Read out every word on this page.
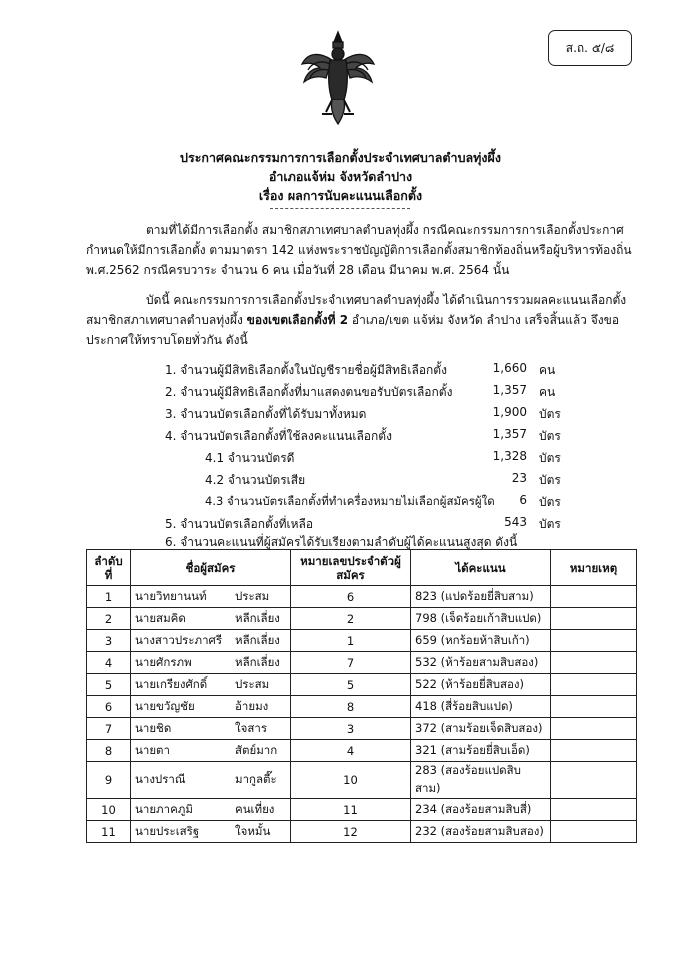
ส.ถ. ๕/๘
ประกาศคณะกรรมการการเลือกตั้งประจำเทศบาลตำบลทุ่งผึ้ง
อำเภอแจ้ห่ม จังหวัดลำปาง
เรื่อง ผลการนับคะแนนเลือกตั้ง
ตามที่ได้มีการเลือกตั้ง สมาชิกสภาเทศบาลตำบลทุ่งผึ้ง กรณีคณะกรรมการการเลือกตั้งประกาศ
กำหนดให้มีการเลือกตั้ง ตามมาตรา 142 แห่งพระราชบัญญัติการเลือกตั้งสมาชิกท้องถิ่นหรือผู้บริหารท้องถิ่น
พ.ศ.2562 กรณีครบวาระ จำนวน 6 คน เมื่อวันที่ 28 เดือน มีนาคม พ.ศ. 2564 นั้น
บัดนี้ คณะกรรมการการเลือกตั้งประจำเทศบาลตำบลทุ่งผึ้ง ได้ดำเนินการรวมผลคะแนนเลือกตั้ง
สมาชิกสภาเทศบาลตำบลทุ่งผึ้ง ของเขตเลือกตั้งที่ 2 อำเภอ/เขต แจ้ห่ม จังหวัด ลำปาง เสร็จสิ้นแล้ว จึงขอ
ประกาศให้ทราบโดยทั่วกัน ดังนี้
1. จำนวนผู้มีสิทธิเลือกตั้งในบัญชีรายชื่อผู้มีสิทธิเลือกตั้ง	1,660 คน
2. จำนวนผู้มีสิทธิเลือกตั้งที่มาแสดงตนขอรับบัตรเลือกตั้ง	1,357 คน
3. จำนวนบัตรเลือกตั้งที่ได้รับมาทั้งหมด	1,900 บัตร
4. จำนวนบัตรเลือกตั้งที่ใช้ลงคะแนนเลือกตั้ง	1,357 บัตร
4.1 จำนวนบัตรดี	1,328 บัตร
4.2 จำนวนบัตรเสีย	23 บัตร
4.3 จำนวนบัตรเลือกตั้งที่ทำเครื่องหมายไม่เลือกผู้สมัครผู้ใด	6 บัตร
5. จำนวนบัตรเลือกตั้งที่เหลือ	543 บัตร
6. จำนวนคะแนนที่ผู้สมัครได้รับเรียงตามลำดับผู้ได้คะแนนสูงสุด ดังนี้
ลำดับที่	ชื่อผู้สมัคร	หมายเลขประจำตัวผู้สมัคร	ได้คะแนน	หมายเหตุ
1	นายวิทยานนท์ ประสม	6	823 (แปดร้อยยี่สิบสาม)	
2	นายสมคิด หลีกเลี่ยง	2	798 (เจ็ดร้อยเก้าสิบแปด)	
3	นางสาวประภาศรี หลีกเลี่ยง	1	659 (หกร้อยห้าสิบเก้า)	
4	นายศักรภพ หลีกเลี่ยง	7	532 (ห้าร้อยสามสิบสอง)	
5	นายเกรียงศักดิ์ ประสม	5	522 (ห้าร้อยยี่สิบสอง)	
6	นายขวัญชัย อ้ายมง	8	418 (สี่ร้อยสิบแปด)	
7	นายชิด ใจสาร	3	372 (สามร้อยเจ็ดสิบสอง)	
8	นายตา สัตย์มาก	4	321 (สามร้อยยี่สิบเอ็ด)	
9	นางปราณี มากูลตี๊ะ	10	283 (สองร้อยแปดสิบสาม)	
10	นายภาคภูมิ คนเที่ยง	11	234 (สองร้อยสามสิบสี่)	
11	นายประเสริฐ ใจหมั้น	12	232 (สองร้อยสามสิบสอง)	
